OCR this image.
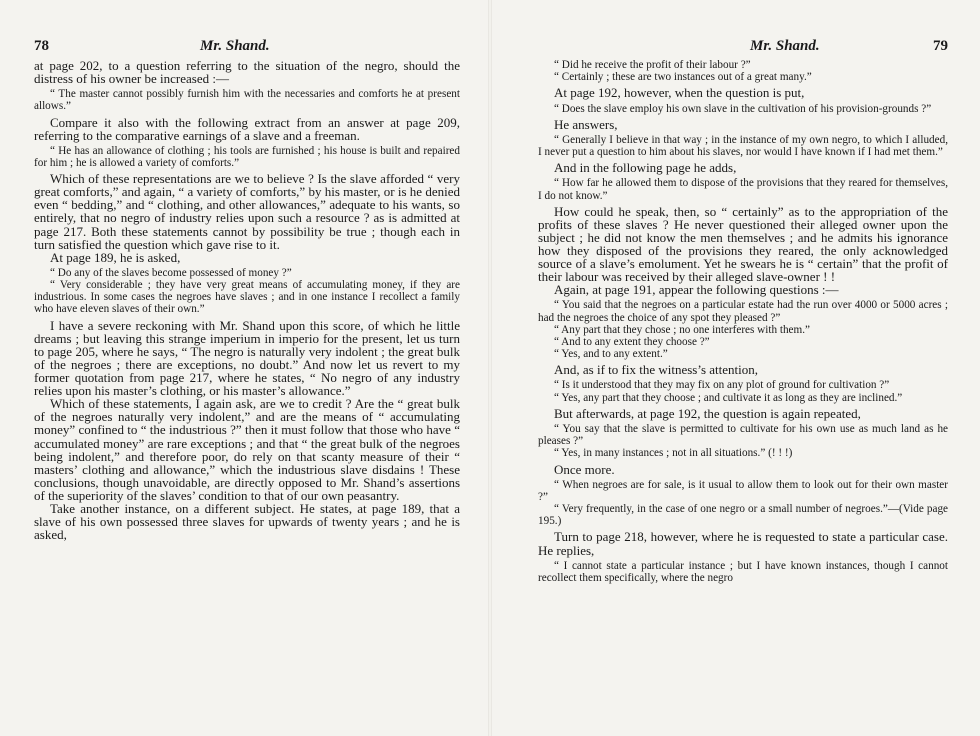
78	Mr. Shand.

at page 202, to a question referring to the situation of the negro, should the distress of his owner be increased :—

“ The master cannot possibly furnish him with the necessaries and comforts he at present allows.”

Compare it also with the following extract from an answer at page 209, referring to the comparative earnings of a slave and a freeman.

“ He has an allowance of clothing ; his tools are furnished ; his house is built and repaired for him ; he is allowed a variety of comforts.”

Which of these representations are we to believe ? Is the slave afforded “ very great comforts,” and again, “ a variety of comforts,” by his master, or is he denied even “ bedding,” and “ clothing, and other allowances,” adequate to his wants, so entirely, that no negro of industry relies upon such a resource ? as is admitted at page 217. Both these statements cannot by possibility be true ; though each in turn satisfied the question which gave rise to it.

At page 189, he is asked,

“ Do any of the slaves become possessed of money ?”

“ Very considerable ; they have very great means of accumulating money, if they are industrious. In some cases the negroes have slaves ; and in one instance I recollect a family who have eleven slaves of their own.”

I have a severe reckoning with Mr. Shand upon this score, of which he little dreams ; but leaving this strange imperium in imperio for the present, let us turn to page 205, where he says, “ The negro is naturally very indolent ; the great bulk of the negroes ; there are exceptions, no doubt.” And now let us revert to my former quotation from page 217, where he states, “ No negro of any industry relies upon his master’s clothing, or his master’s allowance.”

Which of these statements, I again ask, are we to credit ? Are the “ great bulk of the negroes naturally very indolent,” and are the means of “ accumulating money” confined to “ the industrious ?” then it must follow that those who have “ accumulated money” are rare exceptions ; and that “ the great bulk of the negroes being indolent,” and therefore poor, do rely on that scanty measure of their “ masters’ clothing and allowance,” which the industrious slave disdains ! These conclusions, though unavoidable, are directly opposed to Mr. Shand’s assertions of the superiority of the slaves’ condition to that of our own peasantry.

Take another instance, on a different subject. He states, at page 189, that a slave of his own possessed three slaves for upwards of twenty years ; and he is asked,

Mr. Shand.	79

“ Did he receive the profit of their labour ?”

“ Certainly ; these are two instances out of a great many.”

At page 192, however, when the question is put,

“ Does the slave employ his own slave in the cultivation of his provision-grounds ?”

He answers,

“ Generally I believe in that way ; in the instance of my own negro, to which I alluded, I never put a question to him about his slaves, nor would I have known if I had met them.”

And in the following page he adds,

“ How far he allowed them to dispose of the provisions that they reared for themselves, I do not know.”

How could he speak, then, so “ certainly” as to the appropriation of the profits of these slaves ? He never questioned their alleged owner upon the subject ; he did not know the men themselves ; and he admits his ignorance how they disposed of the provisions they reared, the only acknowledged source of a slave’s emolument. Yet he swears he is “ certain” that the profit of their labour was received by their alleged slave-owner ! !

Again, at page 191, appear the following questions :—

“ You said that the negroes on a particular estate had the run over 4000 or 5000 acres ; had the negroes the choice of any spot they pleased ?”

“ Any part that they chose ; no one interferes with them.”

“ And to any extent they choose ?”

“ Yes, and to any extent.”

And, as if to fix the witness’s attention,

“ Is it understood that they may fix on any plot of ground for cultivation ?”

“ Yes, any part that they choose ; and cultivate it as long as they are inclined.”

But afterwards, at page 192, the question is again repeated,

“ You say that the slave is permitted to cultivate for his own use as much land as he pleases ?”

“ Yes, in many instances ; not in all situations.” (! ! !)

Once more.

“ When negroes are for sale, is it usual to allow them to look out for their own master ?”

“ Very frequently, in the case of one negro or a small number of negroes.”—(Vide page 195.)

Turn to page 218, however, where he is requested to state a particular case. He replies,

“ I cannot state a particular instance ; but I have known instances, though I cannot recollect them specifically, where the negro
